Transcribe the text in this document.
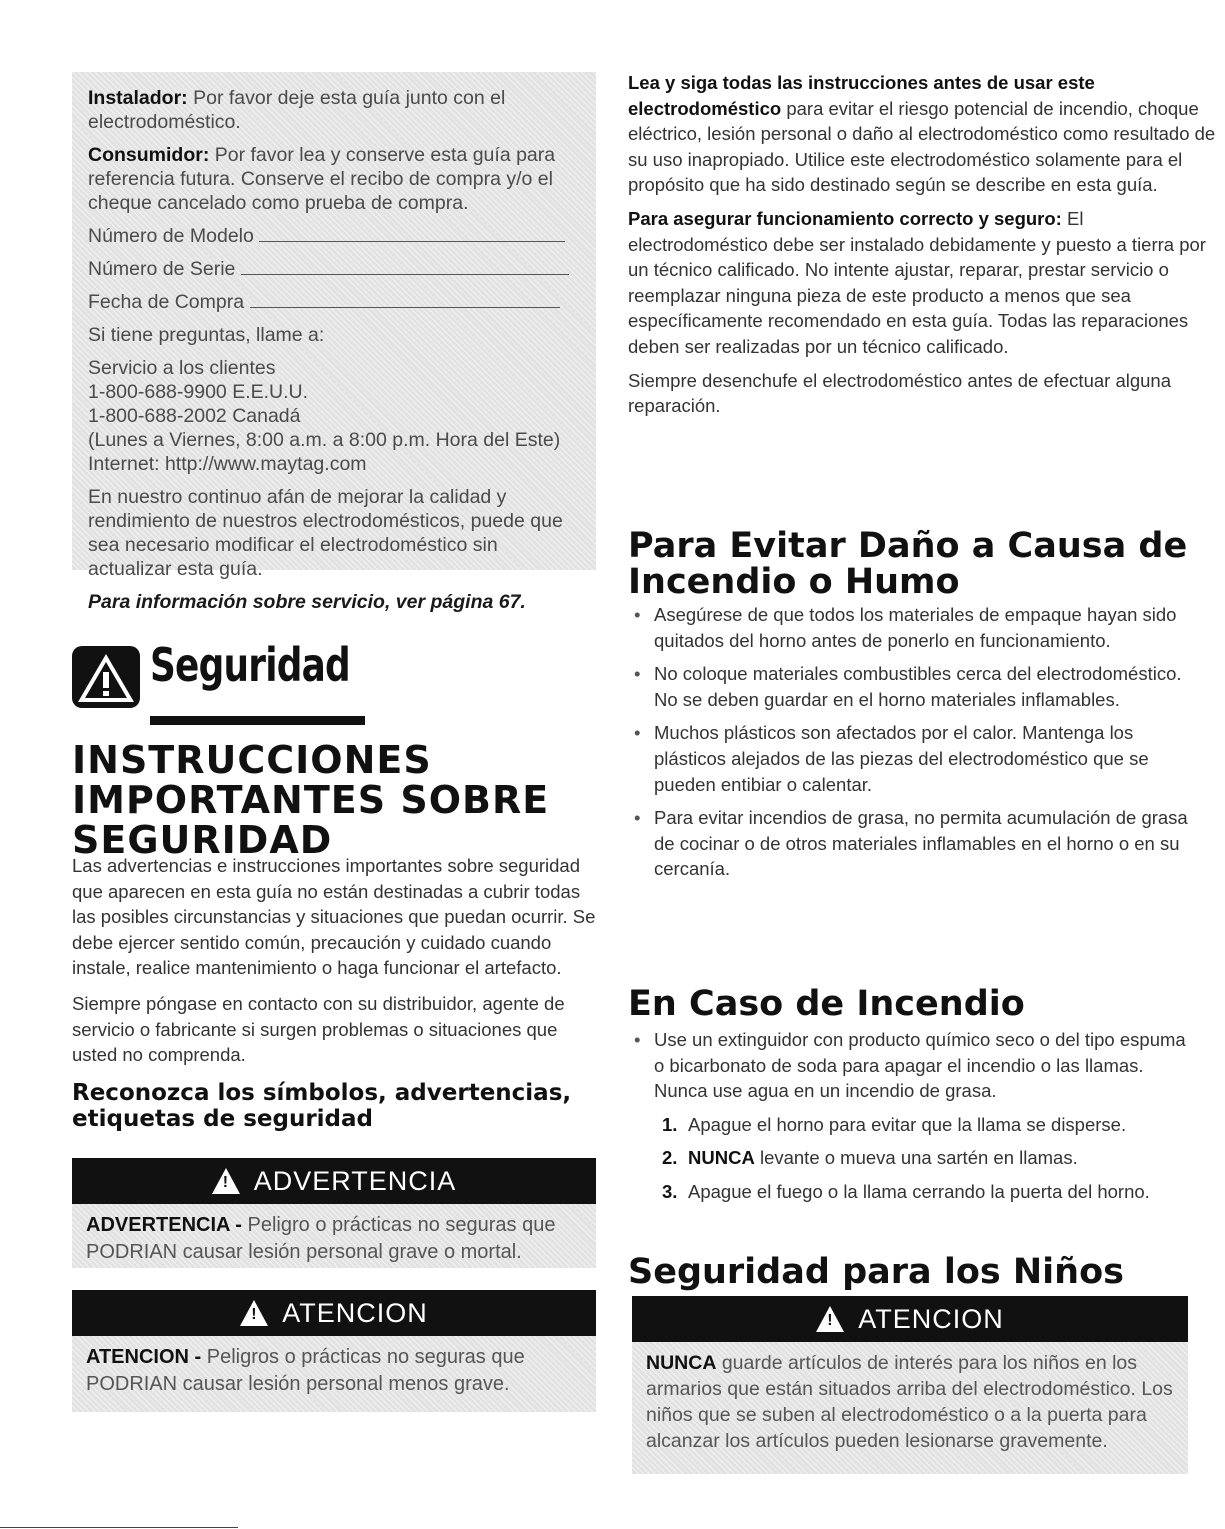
Instalador: Por favor deje esta guía junto con el electrodoméstico.

Consumidor: Por favor lea y conserve esta guía para referencia futura. Conserve el recibo de compra y/o el cheque cancelado como prueba de compra.

Número de Modelo

Número de Serie

Fecha de Compra

Si tiene preguntas, llame a:

Servicio a los clientes
1-800-688-9900 E.E.U.U.
1-800-688-2002 Canadá
(Lunes a Viernes, 8:00 a.m. a 8:00 p.m. Hora del Este)
Internet: http://www.maytag.com

En nuestro continuo afán de mejorar la calidad y rendimiento de nuestros electrodomésticos, puede que sea necesario modificar el electrodoméstico sin actualizar esta guía.

Para información sobre servicio, ver página 67.

Seguridad
INSTRUCCIONES IMPORTANTES SOBRE SEGURIDAD

Las advertencias e instrucciones importantes sobre seguridad que aparecen en esta guía no están destinadas a cubrir todas las posibles circunstancias y situaciones que puedan ocurrir. Se debe ejercer sentido común, precaución y cuidado cuando instale, realice mantenimiento o haga funcionar el artefacto.

Siempre póngase en contacto con su distribuidor, agente de servicio o fabricante si surgen problemas o situaciones que usted no comprenda.

Reconozca los símbolos, advertencias, etiquetas de seguridad

!
ADVERTENCIA
ADVERTENCIA - Peligro o prácticas no seguras que PODRIAN causar lesión personal grave o mortal.
!
ATENCION
ATENCION - Peligros o prácticas no seguras que PODRIAN causar lesión personal menos grave.

Lea y siga todas las instrucciones antes de usar este electrodoméstico para evitar el riesgo potencial de incendio, choque eléctrico, lesión personal o daño al electrodoméstico como resultado de su uso inapropiado. Utilice este electrodoméstico solamente para el propósito que ha sido destinado según se describe en esta guía.

Para asegurar funcionamiento correcto y seguro: El electrodoméstico debe ser instalado debidamente y puesto a tierra por un técnico calificado. No intente ajustar, reparar, prestar servicio o reemplazar ninguna pieza de este producto a menos que sea específicamente recomendado en esta guía. Todas las reparaciones deben ser realizadas por un técnico calificado.

Siempre desenchufe el electrodoméstico antes de efectuar alguna reparación.

Para Evitar Daño a Causa de Incendio o Humo
• Asegúrese de que todos los materiales de empaque hayan sido quitados del horno antes de ponerlo en funcionamiento.
• No coloque materiales combustibles cerca del electrodoméstico. No se deben guardar en el horno materiales inflamables.
• Muchos plásticos son afectados por el calor. Mantenga los plásticos alejados de las piezas del electrodoméstico que se pueden entibiar o calentar.
• Para evitar incendios de grasa, no permita acumulación de grasa de cocinar o de otros materiales inflamables en el horno o en su cercanía.
En Caso de Incendio
• Use un extinguidor con producto químico seco o del tipo espuma o bicarbonato de soda para apagar el incendio o las llamas. Nunca use agua en un incendio de grasa.
1. Apague el horno para evitar que la llama se disperse.
2. NUNCA levante o mueva una sartén en llamas.
3. Apague el fuego o la llama cerrando la puerta del horno.
Seguridad para los Niños
!
ATENCION
NUNCA guarde artículos de interés para los niños en los armarios que están situados arriba del electrodoméstico. Los niños que se suben al electrodoméstico o a la puerta para alcanzar los artículos pueden lesionarse gravemente.
